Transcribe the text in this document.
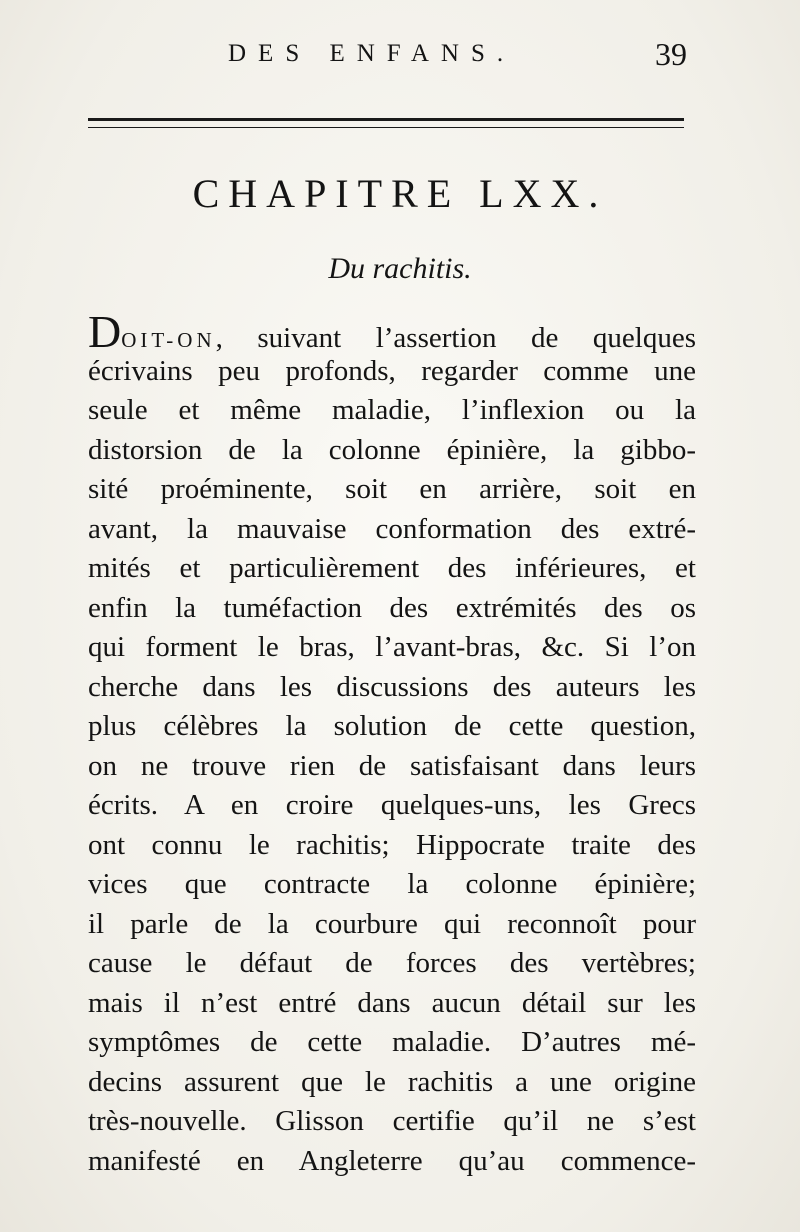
DES ENFANS.	39
CHAPITRE LXX.
Du rachitis.
DOIT-ON, suivant l’assertion de quelques
écrivains peu profonds, regarder comme une
seule et même maladie, l’inflexion ou la
distorsion de la colonne épinière, la gibbo-
sité proéminente, soit en arrière, soit en
avant, la mauvaise conformation des extré-
mités et particulièrement des inférieures, et
enfin la tuméfaction des extrémités des os
qui forment le bras, l’avant-bras, &c. Si l’on
cherche dans les discussions des auteurs les
plus célèbres la solution de cette question,
on ne trouve rien de satisfaisant dans leurs
écrits. A en croire quelques-uns, les Grecs
ont connu le rachitis; Hippocrate traite des
vices que contracte la colonne épinière;
il parle de la courbure qui reconnoît pour
cause le défaut de forces des vertèbres;
mais il n’est entré dans aucun détail sur les
symptômes de cette maladie. D’autres mé-
decins assurent que le rachitis a une origine
très-nouvelle. Glisson certifie qu’il ne s’est
manifesté en Angleterre qu’au commence-
